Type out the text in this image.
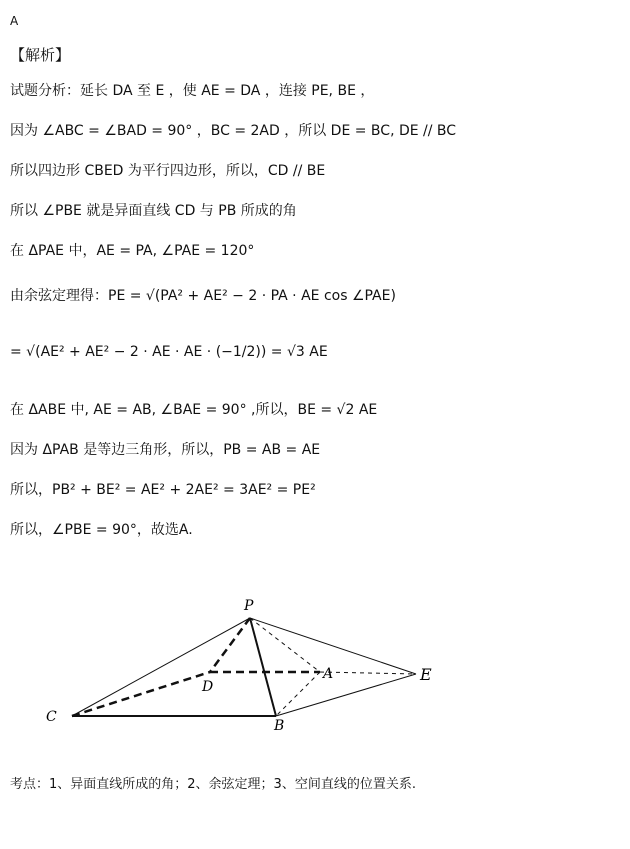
A
【解析】
试题分析：延长 DA 至 E ，使 AE = DA ，连接 PE, BE ，
因为 ∠ABC = ∠BAD = 90° ，BC = 2AD ，所以 DE = BC, DE // BC
所以四边形 CBED 为平行四边形，所以，CD // BE
所以 ∠PBE 就是异面直线 CD 与 PB 所成的角
在 ΔPAE 中，AE = PA, ∠PAE = 120°
由余弦定理得：PE = √(PA² + AE² − 2 · PA · AE cos ∠PAE)
= √(AE² + AE² − 2 · AE · AE · (−1/2)) = √3 AE
在 ΔABE 中, AE = AB, ∠BAE = 90° ,所以，BE = √2 AE
因为 ΔPAB 是等边三角形，所以，PB = AB = AE
所以，PB² + BE² = AE² + 2AE² = 3AE² = PE²
所以，∠PBE = 90°，故选A.
P
D
A	E
C
B
考点：1、异面直线所成的角；2、余弦定理；3、空间直线的位置关系.
